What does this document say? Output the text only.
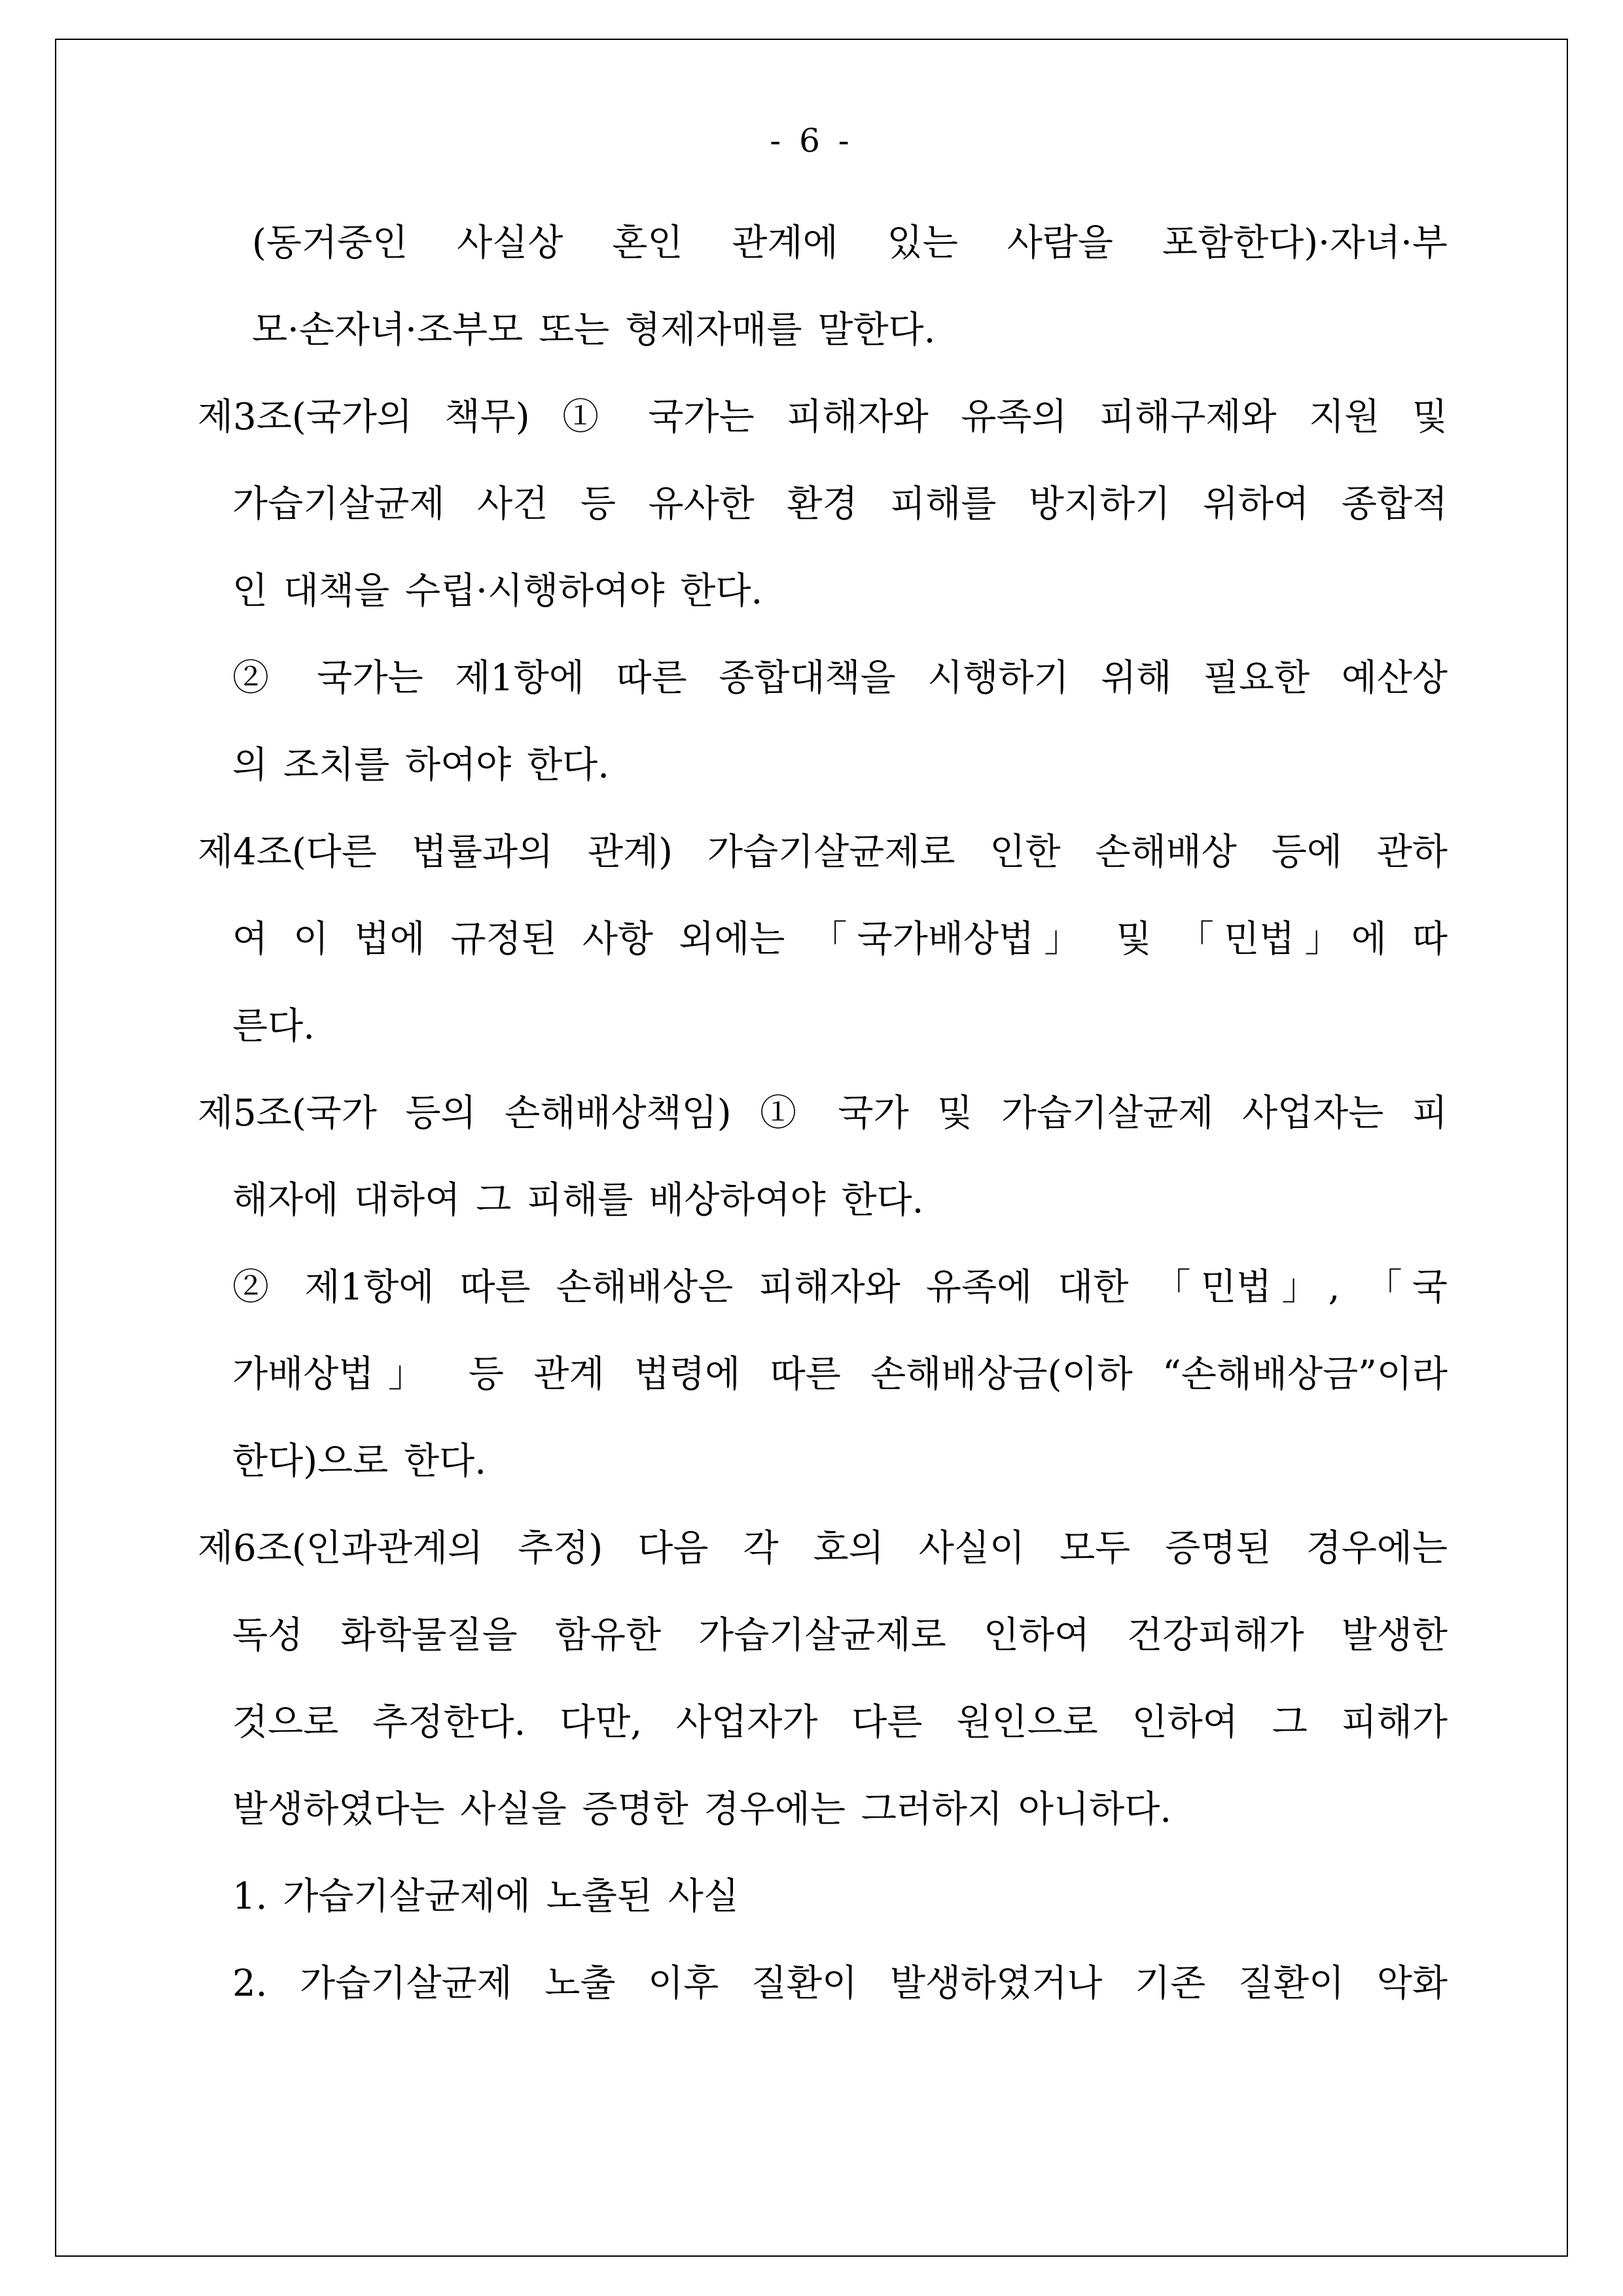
- 6 -
(동거중인 사실상 혼인 관계에 있는 사람을 포함한다)·자녀·부
모·손자녀·조부모 또는 형제자매를 말한다.
제3조(국가의 책무) ① 국가는 피해자와 유족의 피해구제와 지원 및
가습기살균제 사건 등 유사한 환경 피해를 방지하기 위하여 종합적
인 대책을 수립·시행하여야 한다.
② 국가는 제1항에 따른 종합대책을 시행하기 위해 필요한 예산상
의 조치를 하여야 한다.
제4조(다른 법률과의 관계) 가습기살균제로 인한 손해배상 등에 관하
여 이 법에 규정된 사항 외에는 「국가배상법」 및 「민법」에 따
른다.
제5조(국가 등의 손해배상책임) ① 국가 및 가습기살균제 사업자는 피
해자에 대하여 그 피해를 배상하여야 한다.
② 제1항에 따른 손해배상은 피해자와 유족에 대한 「민법」, 「국
가배상법」 등 관계 법령에 따른 손해배상금(이하 “손해배상금”이라
한다)으로 한다.
제6조(인과관계의 추정) 다음 각 호의 사실이 모두 증명된 경우에는
독성 화학물질을 함유한 가습기살균제로 인하여 건강피해가 발생한
것으로 추정한다. 다만, 사업자가 다른 원인으로 인하여 그 피해가
발생하였다는 사실을 증명한 경우에는 그러하지 아니하다.
1. 가습기살균제에 노출된 사실
2. 가습기살균제 노출 이후 질환이 발생하였거나 기존 질환이 악화
